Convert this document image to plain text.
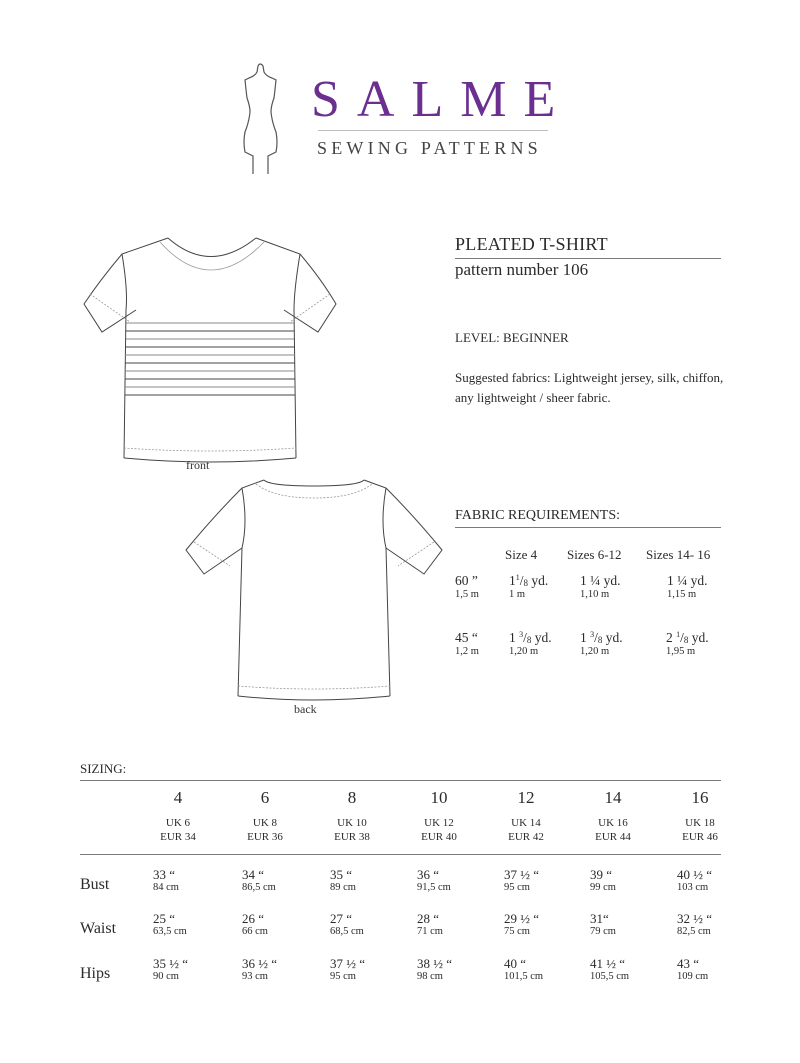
SALME
SEWING PATTERNS
front
back
PLEATED T-SHIRT
pattern number 106
LEVEL: BEGINNER
Suggested fabrics: Lightweight jersey, silk, chiffon, any lightweight / sheer fabric.
FABRIC REQUIREMENTS:
Size 4 Sizes 6-12 Sizes 14- 16
60 ”
1,5 m
$1^1/_8$ yd.
1 m
1 ¼ yd.
1,10 m
1 ¼ yd.
1,15 m
45 “
1,2 m
1 $^3/_8$ yd.
1,20 m
1 $^3/_8$ yd.
1,20 m
2 $^1/_8$ yd.
1,95 m
SIZING:
4
UK 6
EUR 34
6
UK 8
EUR 36
8
UK 10
EUR 38
10
UK 12
EUR 40
12
UK 14
EUR 42
14
UK 16
EUR 44
16
UK 18
EUR 46
Bust
33 “
84 cm
34 “
86,5 cm
35 “
89 cm
36 “
91,5 cm
37 ½ “
95 cm
39 “
99 cm
40 ½ “
103 cm
Waist
25 “
63,5 cm
26 “
66 cm
27 “
68,5 cm
28 “
71 cm
29 ½ “
75 cm
31“
79 cm
32 ½ “
82,5 cm
Hips
35 ½ “
90 cm
36 ½ “
93 cm
37 ½ “
95 cm
38 ½ “
98 cm
40 “
101,5 cm
41 ½ “
105,5 cm
43 “
109 cm
